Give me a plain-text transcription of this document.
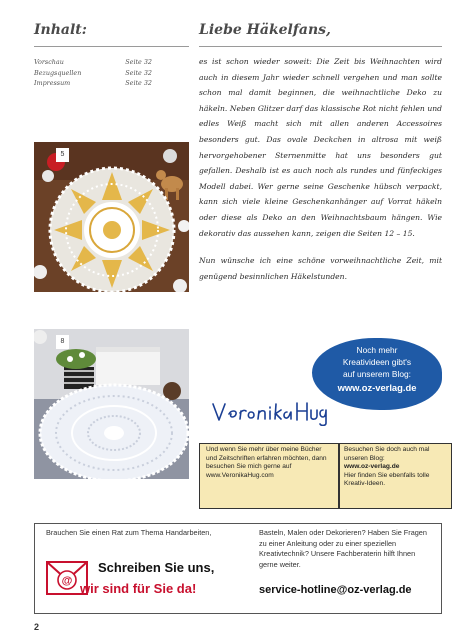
Inhalt:
Vorschau	Seite 32
Bezugsquellen	Seite 32
Impressum	Seite 32
5
8
Liebe Häkelfans,

es ist schon wieder soweit: Die Zeit bis Weihnachten wird auch in diesem Jahr wieder schnell vergehen und man sollte schon mal damit beginnen, die weihnachtliche Deko zu häkeln. Neben Glitzer darf das klassische Rot nicht fehlen und edles Weiß macht sich mit allen anderen Accessoires besonders gut. Das ovale Deckchen in altrosa mit weiß hervorgehobener Sternenmitte hat uns besonders gut gefallen. Deshalb ist es auch noch als rundes und fünfeckiges Modell dabei. Wer gerne seine Geschenke hübsch verpackt, kann sich viele kleine Geschenkanhänger auf Vorrat häkeln oder diese als Deko an den Weihnachtsbaum hängen. Wie dekorativ das aussehen kann, zeigen die Seiten 12 – 15.

Nun wünsche ich eine schöne vorweihnachtliche Zeit, mit genügend besinnlichen Häkelstunden.

Noch mehr
Kreativideen gibt's
auf unserem Blog:
www.oz-verlag.de
Und wenn Sie mehr über meine Bücher und Zeitschriften erfahren möchten, dann besuchen Sie mich gerne auf www.VeronikaHug.com
Besuchen Sie doch auch mal unseren Blog:
www.oz-verlag.de
Hier finden Sie ebenfalls tolle Kreativ-Ideen.
Brauchen Sie einen Rat zum Thema Handarbeiten,	Basteln, Malen oder Dekorieren? Haben Sie Fragen zu einer Anleitung oder zu einer speziellen Kreativtechnik? Unsere Fachberaterin hilft Ihnen gerne weiter.
@
Schreiben Sie uns,
wir sind für Sie da!	service-hotline@oz-verlag.de
2
